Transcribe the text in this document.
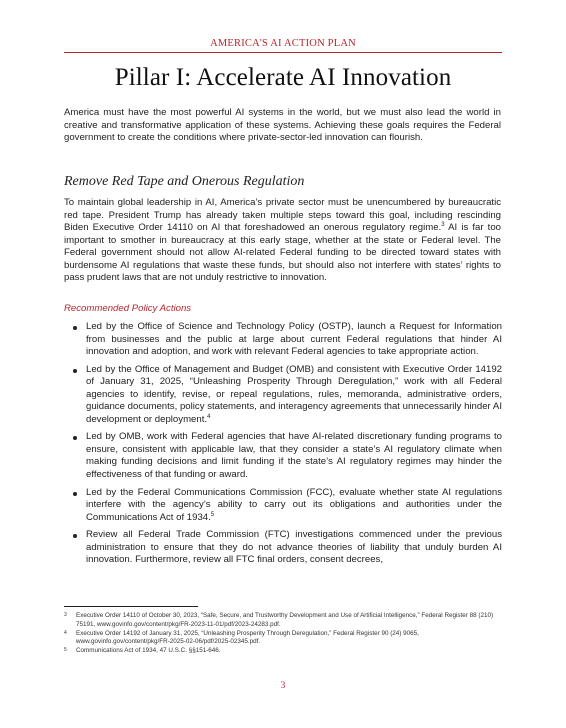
AMERICA'S AI ACTION PLAN
Pillar I: Accelerate AI Innovation

America must have the most powerful AI systems in the world, but we must also lead the world in creative and transformative application of these systems. Achieving these goals requires the Federal government to create the conditions where private-sector-led innovation can flourish.

Remove Red Tape and Onerous Regulation

To maintain global leadership in AI, America’s private sector must be unencumbered by bureaucratic red tape. President Trump has already taken multiple steps toward this goal, including rescinding Biden Executive Order 14110 on AI that foreshadowed an onerous regulatory regime.$^3$ AI is far too important to smother in bureaucracy at this early stage, whether at the state or Federal level. The Federal government should not allow AI-related Federal funding to be directed toward states with burdensome AI regulations that waste these funds, but should also not interfere with states’ rights to pass prudent laws that are not unduly restrictive to innovation.

Recommended Policy Actions

Led by the Office of Science and Technology Policy (OSTP), launch a Request for Information from businesses and the public at large about current Federal regulations that hinder AI innovation and adoption, and work with relevant Federal agencies to take appropriate action.
Led by the Office of Management and Budget (OMB) and consistent with Executive Order 14192 of January 31, 2025, “Unleashing Prosperity Through Deregulation,” work with all Federal agencies to identify, revise, or repeal regulations, rules, memoranda, administrative orders, guidance documents, policy statements, and interagency agreements that unnecessarily hinder AI development or deployment.$^4$
Led by OMB, work with Federal agencies that have AI-related discretionary funding programs to ensure, consistent with applicable law, that they consider a state’s AI regulatory climate when making funding decisions and limit funding if the state’s AI regulatory regimes may hinder the effectiveness of that funding or award.
Led by the Federal Communications Commission (FCC), evaluate whether state AI regulations interfere with the agency’s ability to carry out its obligations and authorities under the Communications Act of 1934.$^5$
Review all Federal Trade Commission (FTC) investigations commenced under the previous administration to ensure that they do not advance theories of liability that unduly burden AI innovation. Furthermore, review all FTC final orders, consent decrees,
3 Executive Order 14110 of October 30, 2023, “Safe, Secure, and Trustworthy Development and Use of Artificial Intelligence,” Federal Register 88 (210) 75191, www.govinfo.gov/content/pkg/FR-2023-11-01/pdf/2023-24283.pdf.
4 Executive Order 14192 of January 31, 2025, “Unleashing Prosperity Through Deregulation,” Federal Register 90 (24) 9065, www.govinfo.gov/content/pkg/FR-2025-02-06/pdf/2025-02345.pdf.
5 Communications Act of 1934, 47 U.S.C. §§151-646.
3
